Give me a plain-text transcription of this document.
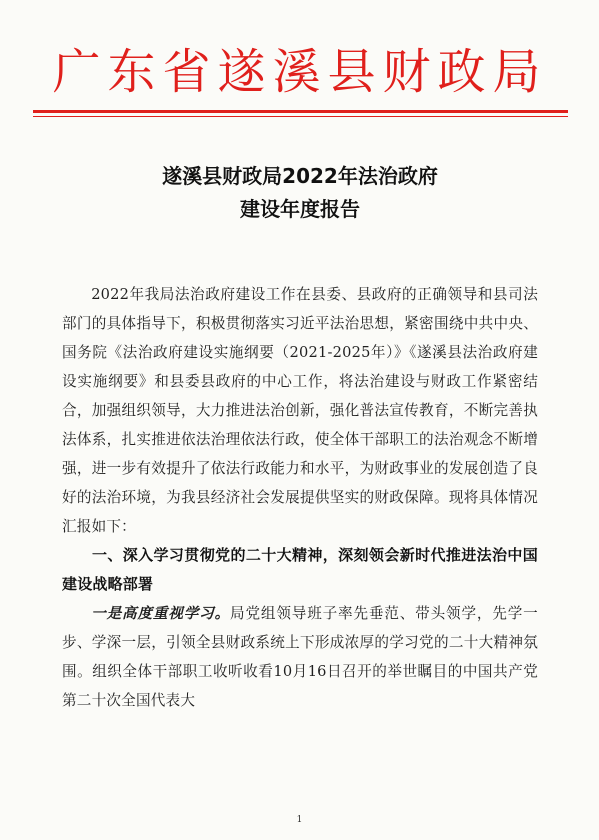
广东省遂溪县财政局
遂溪县财政局2022年法治政府
建设年度报告

2022年我局法治政府建设工作在县委、县政府的正确领导和县司法部门的具体指导下，积极贯彻落实习近平法治思想，紧密围绕中共中央、国务院《法治政府建设实施纲要（2021-2025年）》《遂溪县法治政府建设实施纲要》和县委县政府的中心工作，将法治建设与财政工作紧密结合，加强组织领导，大力推进法治创新，强化普法宣传教育，不断完善执法体系，扎实推进依法治理依法行政，使全体干部职工的法治观念不断增强，进一步有效提升了依法行政能力和水平，为财政事业的发展创造了良好的法治环境，为我县经济社会发展提供坚实的财政保障。现将具体情况汇报如下：

一、深入学习贯彻党的二十大精神，深刻领会新时代推进法治中国建设战略部署

一是高度重视学习。局党组领导班子率先垂范、带头领学，先学一步、学深一层，引领全县财政系统上下形成浓厚的学习党的二十大精神氛围。组织全体干部职工收听收看10月16日召开的举世瞩目的中国共产党第二十次全国代表大

1
